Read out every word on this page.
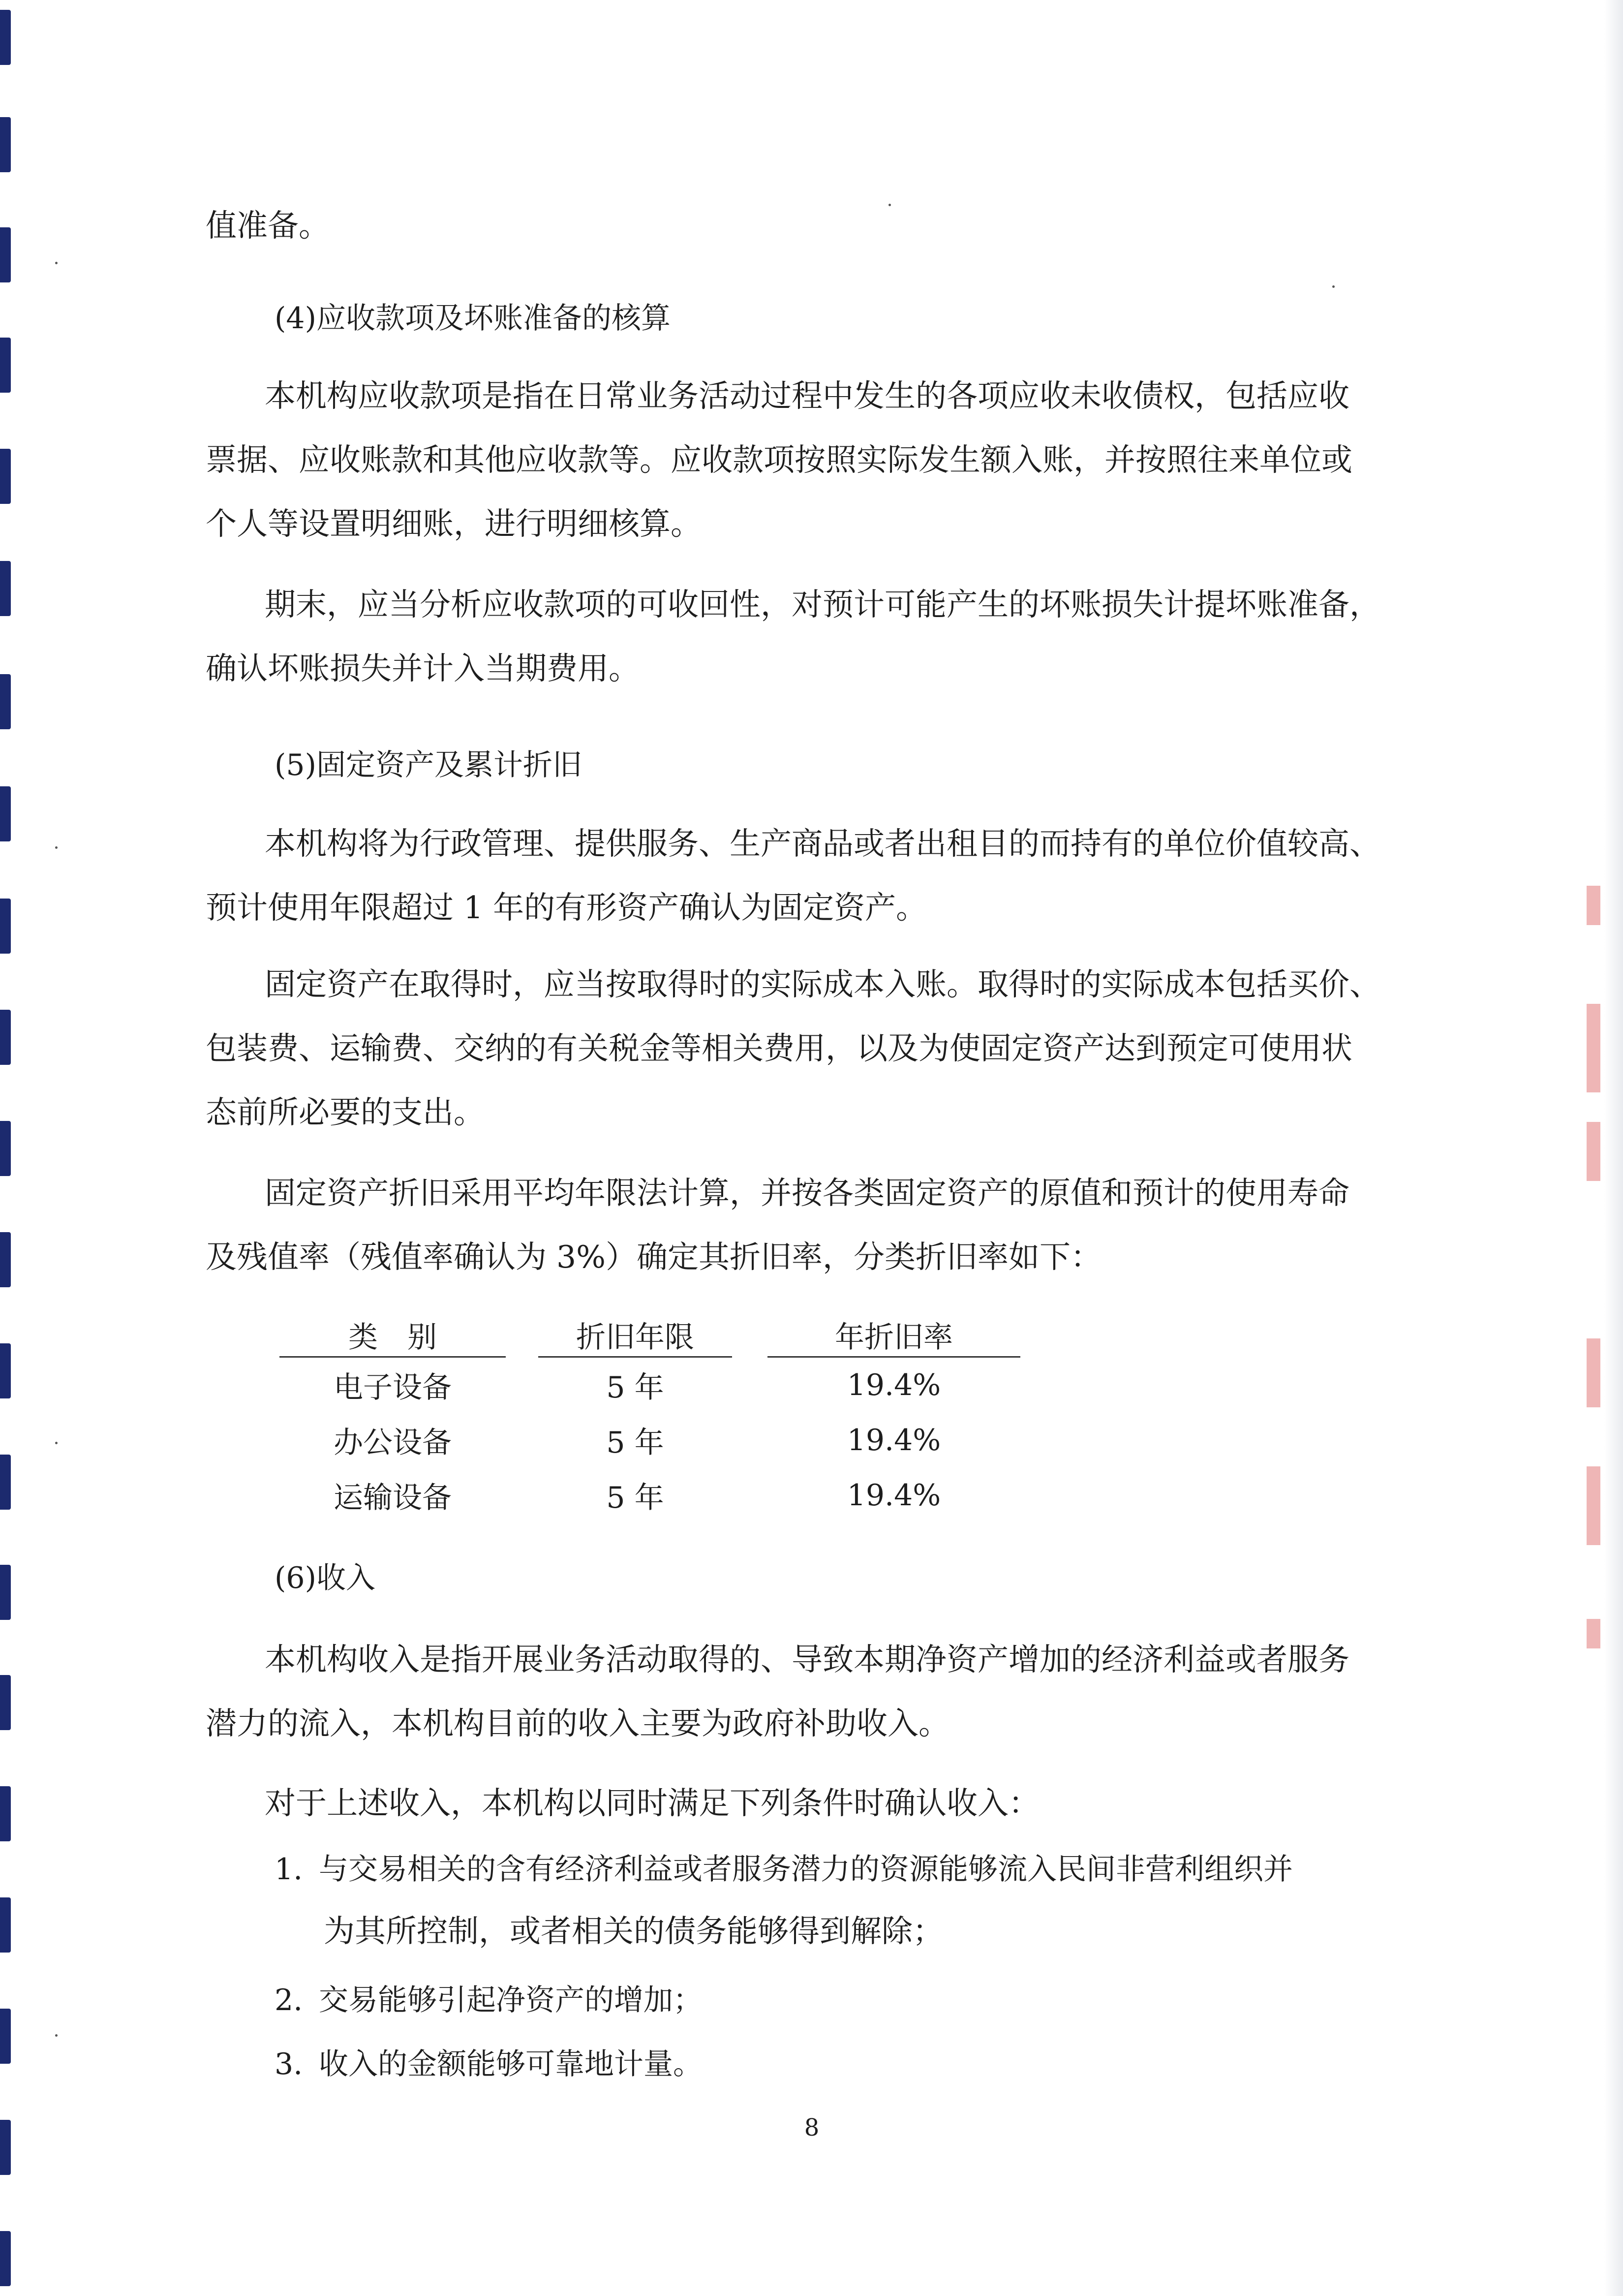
值准备。
(4)应收款项及坏账准备的核算
本机构应收款项是指在日常业务活动过程中发生的各项应收未收债权，包括应收
票据、应收账款和其他应收款等。应收款项按照实际发生额入账，并按照往来单位或
个人等设置明细账，进行明细核算。
期末，应当分析应收款项的可收回性，对预计可能产生的坏账损失计提坏账准备，
确认坏账损失并计入当期费用。
(5)固定资产及累计折旧
本机构将为行政管理、提供服务、生产商品或者出租目的而持有的单位价值较高、
预计使用年限超过 1 年的有形资产确认为固定资产。
固定资产在取得时，应当按取得时的实际成本入账。取得时的实际成本包括买价、
包装费、运输费、交纳的有关税金等相关费用，以及为使固定资产达到预定可使用状
态前所必要的支出。
固定资产折旧采用平均年限法计算，并按各类固定资产的原值和预计的使用寿命
及残值率（残值率确认为 3%）确定其折旧率，分类折旧率如下：
类　别		折旧年限		年折旧率
电子设备		5 年		19.4%
办公设备		5 年		19.4%
运输设备		5 年		19.4%
(6)收入
本机构收入是指开展业务活动取得的、导致本期净资产增加的经济利益或者服务
潜力的流入，本机构目前的收入主要为政府补助收入。
对于上述收入，本机构以同时满足下列条件时确认收入：
1. 与交易相关的含有经济利益或者服务潜力的资源能够流入民间非营利组织并
为其所控制，或者相关的债务能够得到解除；
2. 交易能够引起净资产的增加；
3. 收入的金额能够可靠地计量。
8
